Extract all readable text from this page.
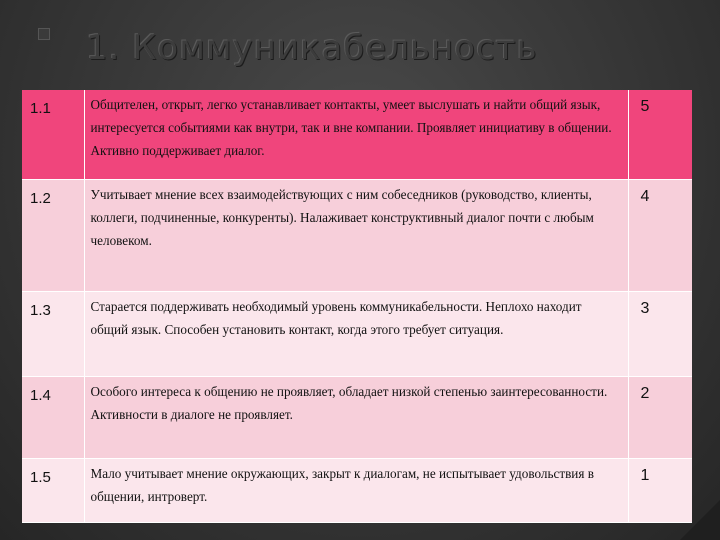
1. Коммуникабельность
1.1	Общителен, открыт, легко устанавливает контакты, умеет выслушать и найти общий язык, интересуется событиями как внутри, так и вне компании. Проявляет инициативу в общении. Активно поддерживает диалог.	5
1.2	Учитывает мнение всех взаимодействующих с ним собеседников (руководство, клиенты, коллеги, подчиненные, конкуренты). Налаживает конструктивный диалог почти с любым человеком.	4
1.3	Старается поддерживать необходимый уровень коммуникабельности. Неплохо находит общий язык. Способен установить контакт, когда этого требует ситуация.	3
1.4	Особого интереса к общению не проявляет, обладает низкой степенью заинтересованности. Активности в диалоге не проявляет.	2
1.5	Мало учитывает мнение окружающих, закрыт к диалогам, не испытывает удовольствия в общении, интроверт.	1
